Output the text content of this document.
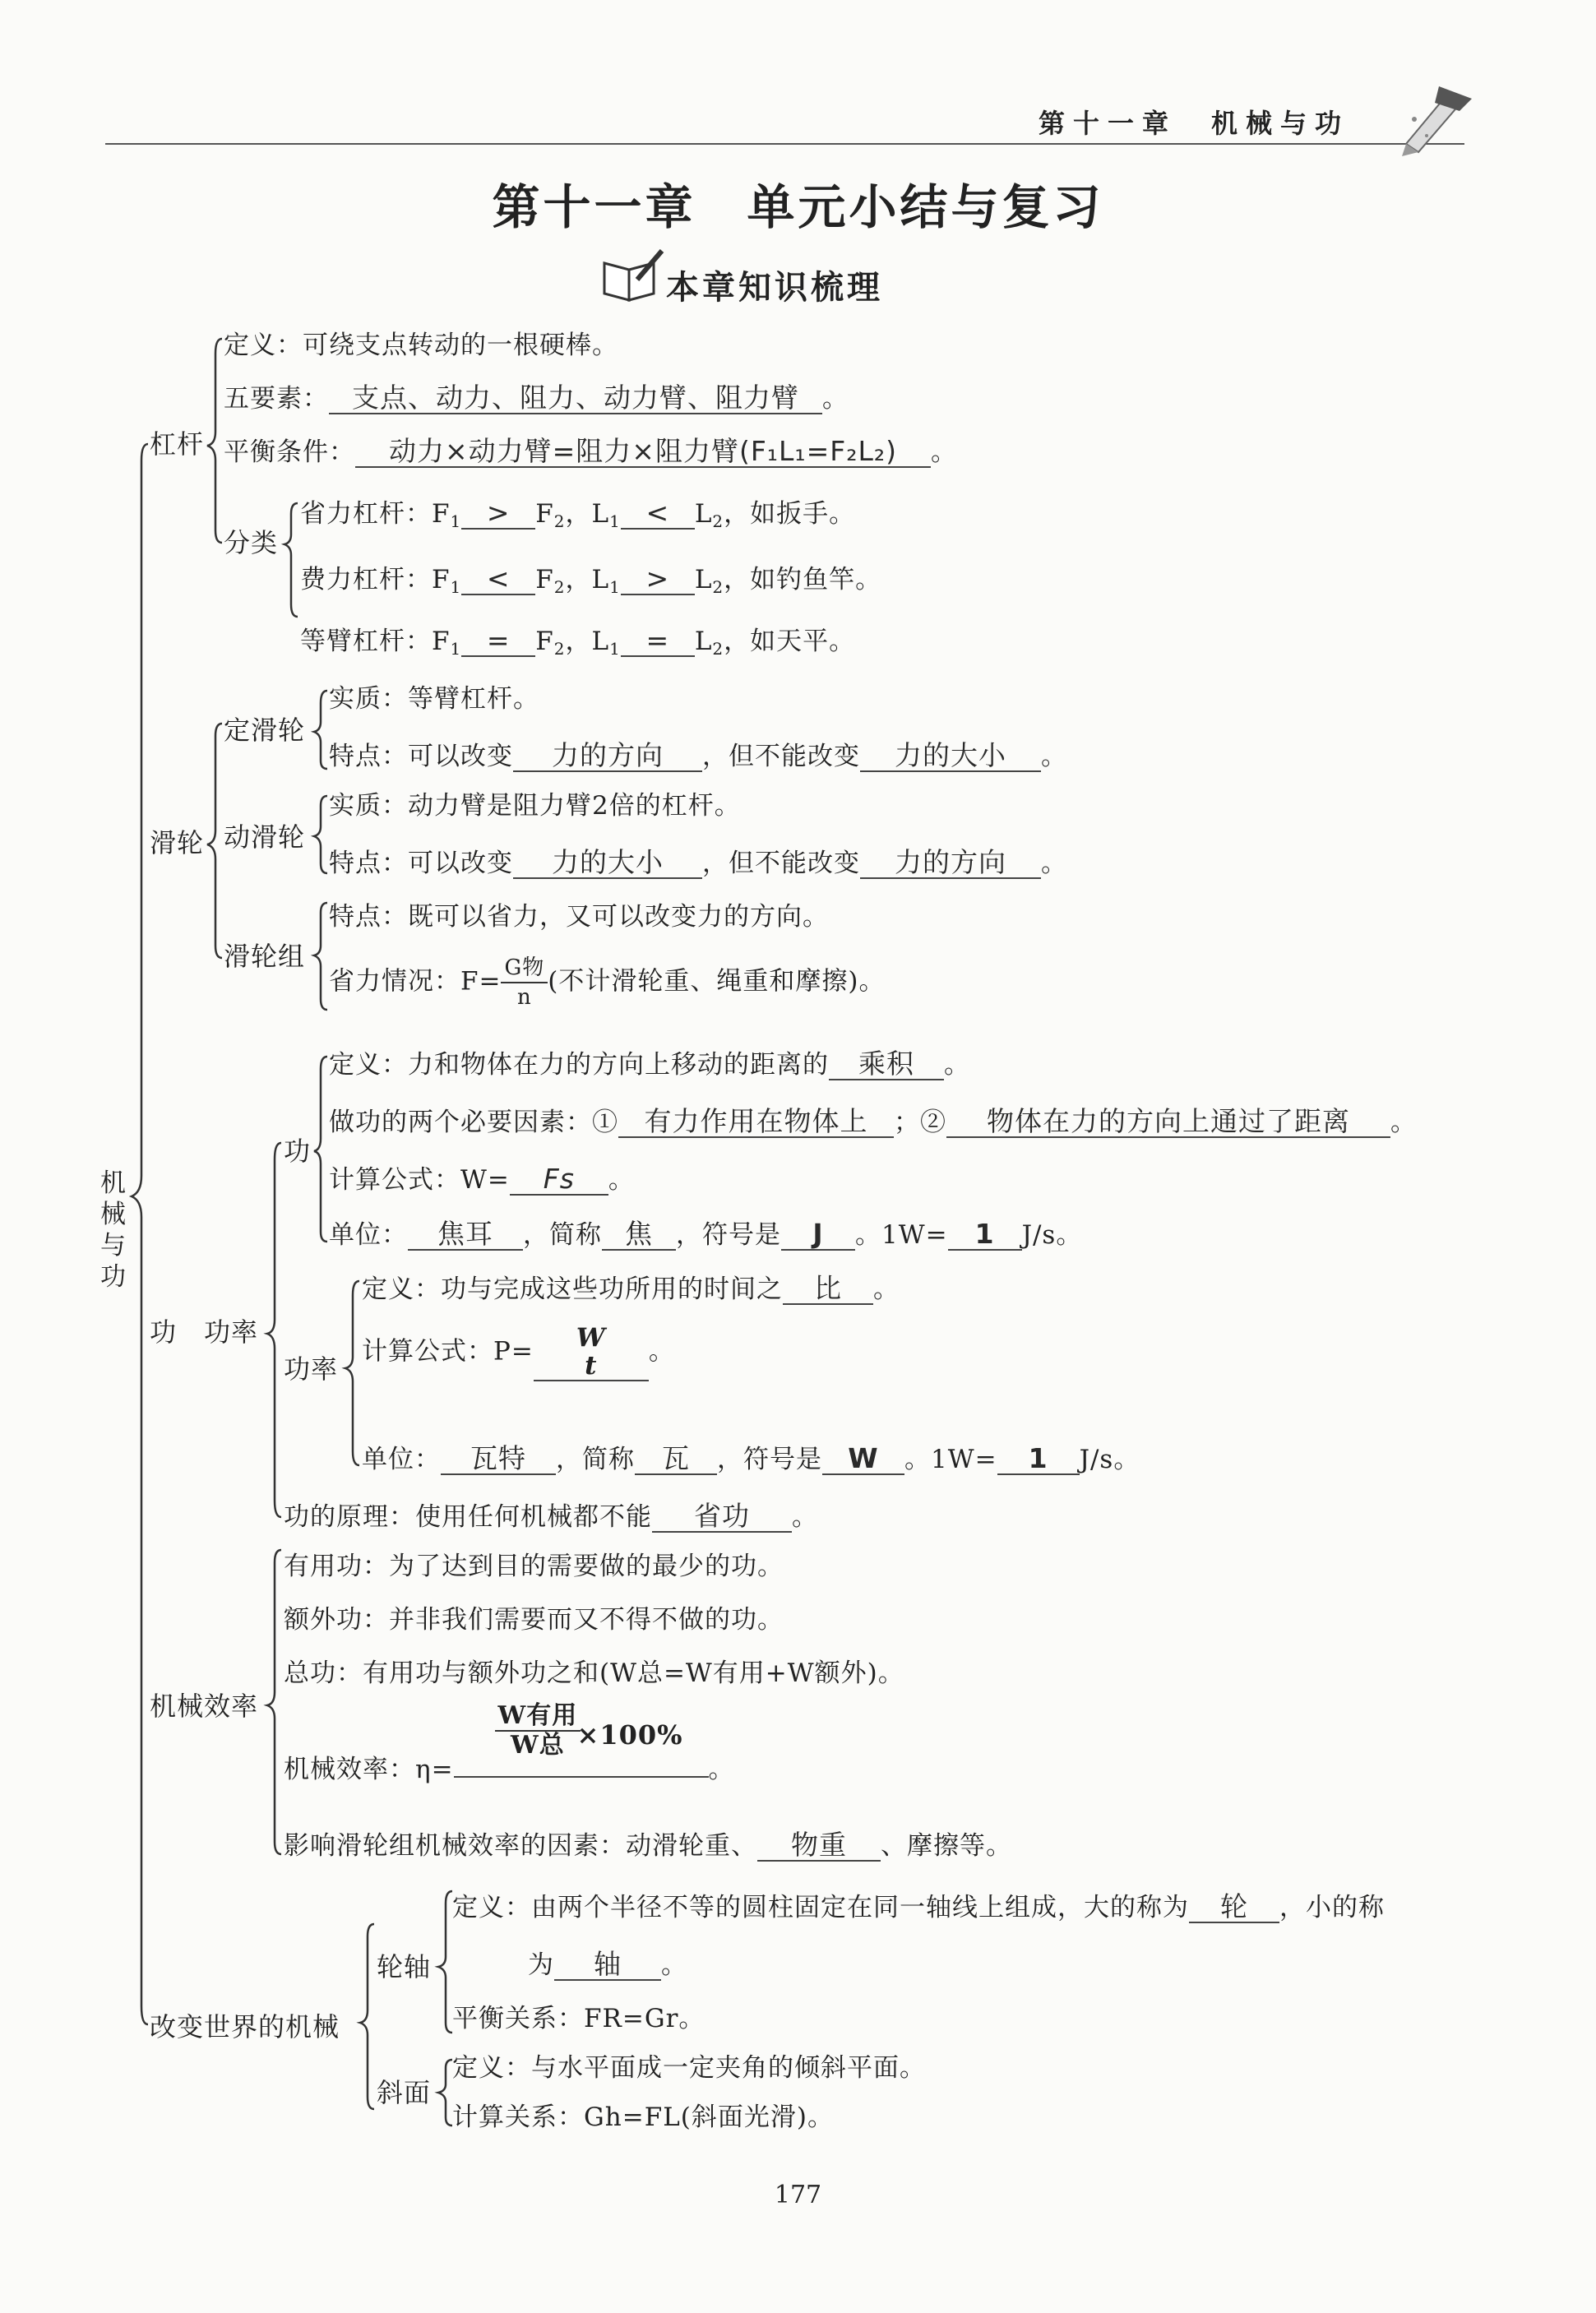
第十一章　机械与功
第十一章　单元小结与复习
本章知识梳理
机械与功
杠杆
滑轮
功　功率
机械效率
改变世界的机械
定义：可绕支点转动的一根硬棒。
五要素： 支点、动力、阻力、动力臂、阻力臂 。
平衡条件： 动力×动力臂=阻力×阻力臂(F₁L₁=F₂L₂) 。
分类
省力杠杆：$F_1 > F_2$，$L_1 < L_2$，如扳手。
费力杠杆：$F_1 < F_2$，$L_1 > L_2$，如钓鱼竿。
等臂杠杆：$F_1 = F_2$，$L_1 = L_2$，如天平。
定滑轮
实质：等臂杠杆。
特点：可以改变 力的方向 ，但不能改变 力的大小 。
动滑轮
实质：动力臂是阻力臂2倍的杠杆。
特点：可以改变 力的大小 ，但不能改变 力的方向 。
滑轮组
特点：既可以省力，又可以改变力的方向。
省力情况：$F= \frac{\text{G物}}{n}$ (不计滑轮重、绳重和摩擦)。
功
定义：力和物体在力的方向上移动的距离的 乘积 。
做功的两个必要因素：① 有力作用在物体上 ；② 物体在力的方向上通过了距离 。
计算公式：W= Fs 。
单位： 焦耳 ，简称 焦 ，符号是 J 。1W= 1 J/s。
功率
定义：功与完成这些功所用的时间之 比 。
计算公式：P=	W
t	。
单位： 瓦特 ，简称 瓦 ，符号是 W 。1W= 1 J/s。
功的原理：使用任何机械都不能 省功 。
有用功：为了达到目的需要做的最少的功。
额外功：并非我们需要而又不得不做的功。
总功：有用功与额外功之和(W总=W有用+W额外)。
机械效率：η=
W有用
W总 ×100%
。
影响滑轮组机械效率的因素：动滑轮重、 物重 、摩擦等。
轮轴
定义：由两个半径不等的圆柱固定在同一轴线上组成，大的称为 轮 ，小的称
为 轴 。
平衡关系：FR=Gr。
斜面
定义：与水平面成一定夹角的倾斜平面。
计算关系：Gh=FL(斜面光滑)。
177
